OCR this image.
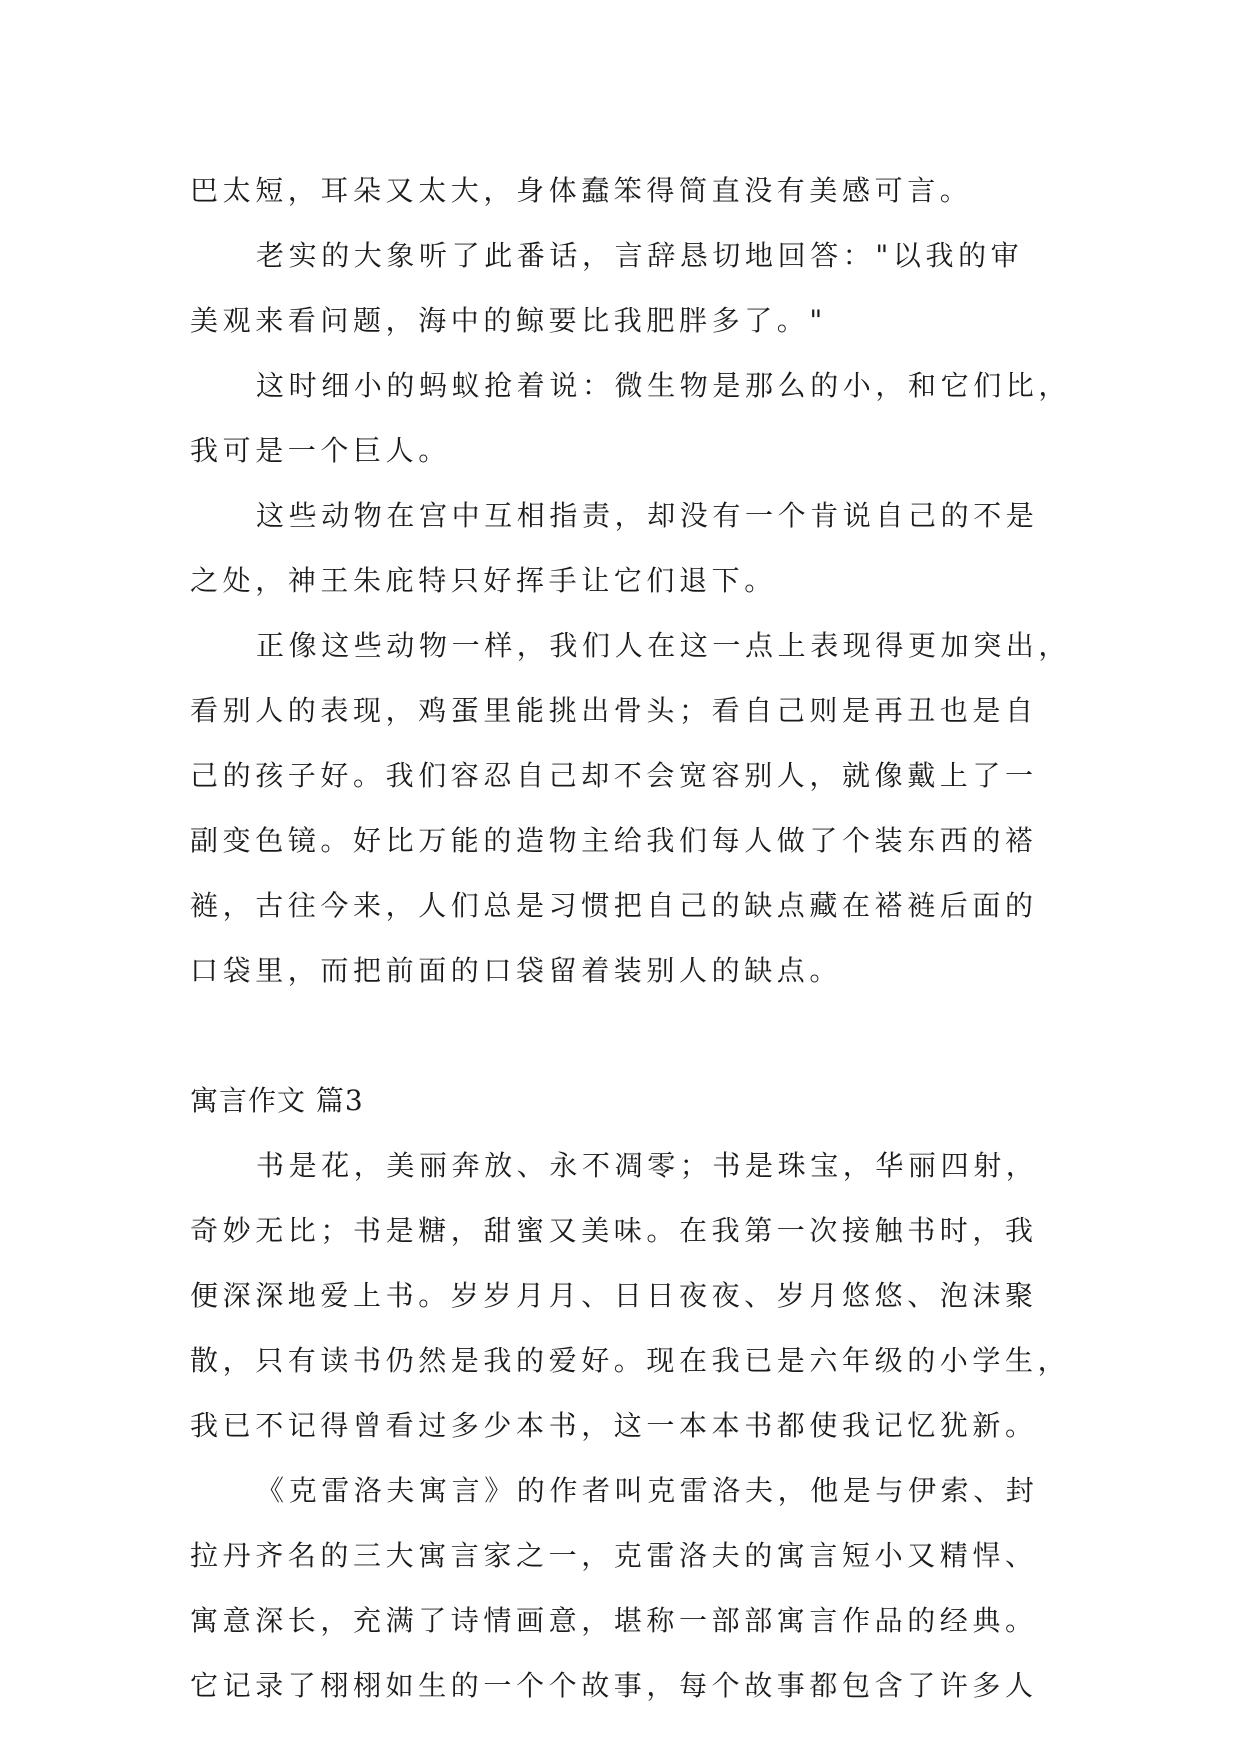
巴太短，耳朵又太大，身体蠢笨得简直没有美感可言。
老实的大象听了此番话，言辞恳切地回答："以我的审
美观来看问题，海中的鲸要比我肥胖多了。"
这时细小的蚂蚁抢着说：微生物是那么的小，和它们比，
我可是一个巨人。
这些动物在宫中互相指责，却没有一个肯说自己的不是
之处，神王朱庇特只好挥手让它们退下。
正像这些动物一样，我们人在这一点上表现得更加突出，
看别人的表现，鸡蛋里能挑出骨头；看自己则是再丑也是自
己的孩子好。我们容忍自己却不会宽容别人，就像戴上了一
副变色镜。好比万能的造物主给我们每人做了个装东西的褡
裢，古往今来，人们总是习惯把自己的缺点藏在褡裢后面的
口袋里，而把前面的口袋留着装别人的缺点。
寓言作文 篇3
书是花，美丽奔放、永不凋零；书是珠宝，华丽四射，
奇妙无比；书是糖，甜蜜又美味。在我第一次接触书时，我
便深深地爱上书。岁岁月月、日日夜夜、岁月悠悠、泡沫聚
散，只有读书仍然是我的爱好。现在我已是六年级的小学生，
我已不记得曾看过多少本书，这一本本书都使我记忆犹新。
《克雷洛夫寓言》的作者叫克雷洛夫，他是与伊索、封
拉丹齐名的三大寓言家之一，克雷洛夫的寓言短小又精悍、
寓意深长，充满了诗情画意，堪称一部部寓言作品的经典。
它记录了栩栩如生的一个个故事，每个故事都包含了许多人
